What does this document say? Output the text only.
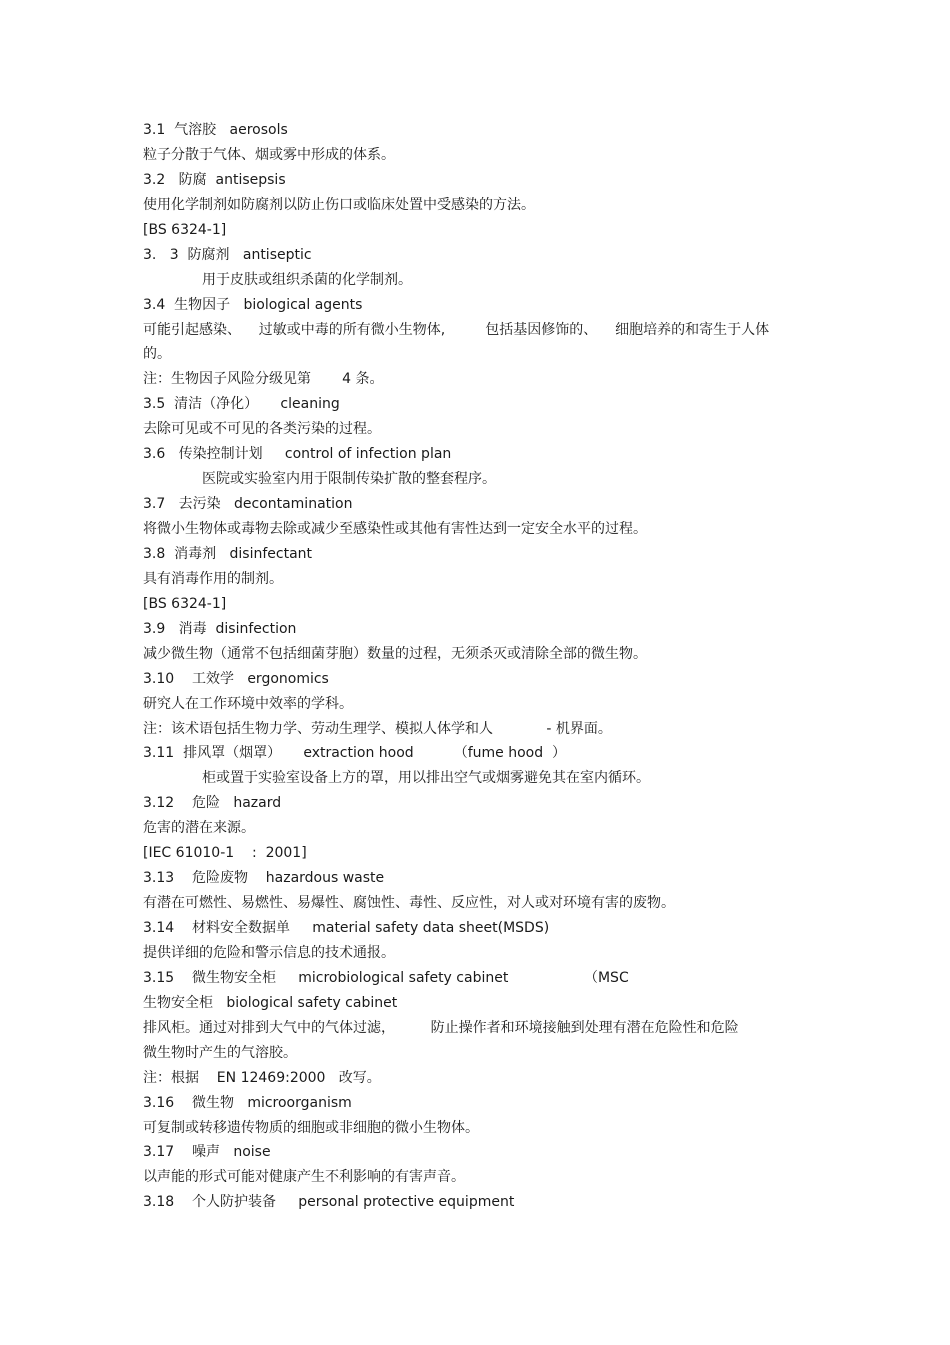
3.1  气溶胶   aerosols
粒子分散于气体、烟或雾中形成的体系。
3.2   防腐  antisepsis
使用化学制剂如防腐剂以防止伤口或临床处置中受感染的方法。
[BS 6324-1]
3.   3  防腐剂   antiseptic
用于皮肤或组织杀菌的化学制剂。
3.4  生物因子   biological agents
可能引起感染、    过敏或中毒的所有微小生物体,         包括基因修饰的、    细胞培养的和寄生于人体
的。
注：生物因子风险分级见第       4 条。
3.5  清洁（净化）     cleaning
去除可见或不可见的各类污染的过程。
3.6   传染控制计划     control of infection plan
医院或实验室内用于限制传染扩散的整套程序。
3.7   去污染   decontamination
将微小生物体或毒物去除或减少至感染性或其他有害性达到一定安全水平的过程。
3.8  消毒剂   disinfectant
具有消毒作用的制剂。
[BS 6324-1]
3.9   消毒  disinfection
减少微生物（通常不包括细菌芽胞）数量的过程，无须杀灭或清除全部的微生物。
3.10    工效学   ergonomics
研究人在工作环境中效率的学科。
注：该术语包括生物力学、劳动生理学、模拟人体学和人            - 机界面。
3.11  排风罩（烟罩）     extraction hood         （fume hood  ）
柜或置于实验室设备上方的罩，用以排出空气或烟雾避免其在室内循环。
3.12    危险   hazard
危害的潜在来源。
[IEC 61010-1    :  2001]
3.13    危险废物    hazardous waste
有潜在可燃性、易燃性、易爆性、腐蚀性、毒性、反应性，对人或对环境有害的废物。
3.14    材料安全数据单     material safety data sheet(MSDS)
提供详细的危险和警示信息的技术通报。
3.15    微生物安全柜     microbiological safety cabinet                 （MSC
生物安全柜   biological safety cabinet
排风柜。通过对排到大气中的气体过滤，        防止操作者和环境接触到处理有潜在危险性和危险
微生物时产生的气溶胶。
注：根据    EN 12469:2000   改写。
3.16    微生物   microorganism
可复制或转移遗传物质的细胞或非细胞的微小生物体。
3.17    噪声   noise
以声能的形式可能对健康产生不利影响的有害声音。
3.18    个人防护装备     personal protective equipment
